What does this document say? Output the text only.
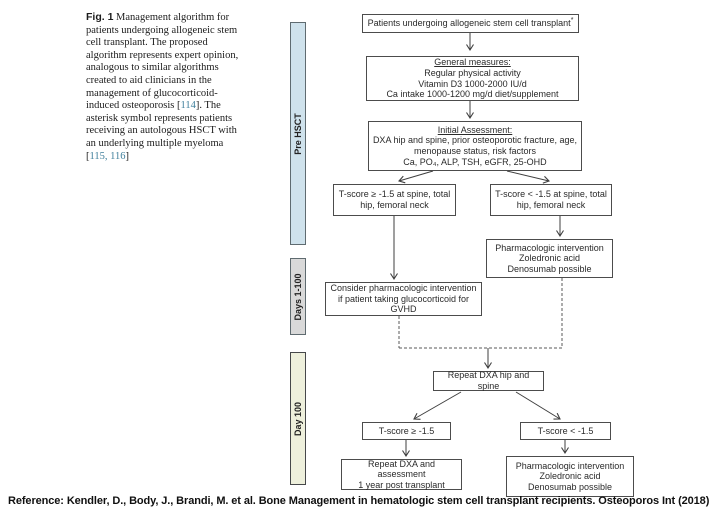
Fig. 1 Management algorithm for patients undergoing allogeneic stem cell transplant. The proposed algorithm represents expert opinion, analogous to similar algorithms created to aid clinicians in the management of glucocorticoid-induced osteoporosis [114]. The asterisk symbol represents patients receiving an autologous HSCT with an underlying multiple myeloma [115, 116]
Pre HSCT
Days 1-100
Day 100
Patients undergoing allogeneic stem cell transplant*
General measures:
Regular physical activity
Vitamin D3 1000-2000 IU/d
Ca intake 1000-1200 mg/d diet/supplement
Initial Assessment:
DXA hip and spine, prior osteoporotic fracture, age,
menopause status, risk factors
Ca, PO₄, ALP, TSH, eGFR, 25-OHD
T-score ≥ -1.5 at spine, total hip, femoral neck
T-score < -1.5 at spine, total hip, femoral neck
Pharmacologic intervention
Zoledronic acid
Denosumab possible
Consider pharmacologic intervention if patient taking glucocorticoid for GVHD
Repeat DXA hip and spine
T-score ≥ -1.5	T-score < -1.5
Repeat DXA and assessment
1 year post transplant
Pharmacologic intervention
Zoledronic acid
Denosumab possible
Reference: Kendler, D., Body, J., Brandi, M. et al. Bone Management in hematologic stem cell transplant recipients. Osteoporos Int (2018)
